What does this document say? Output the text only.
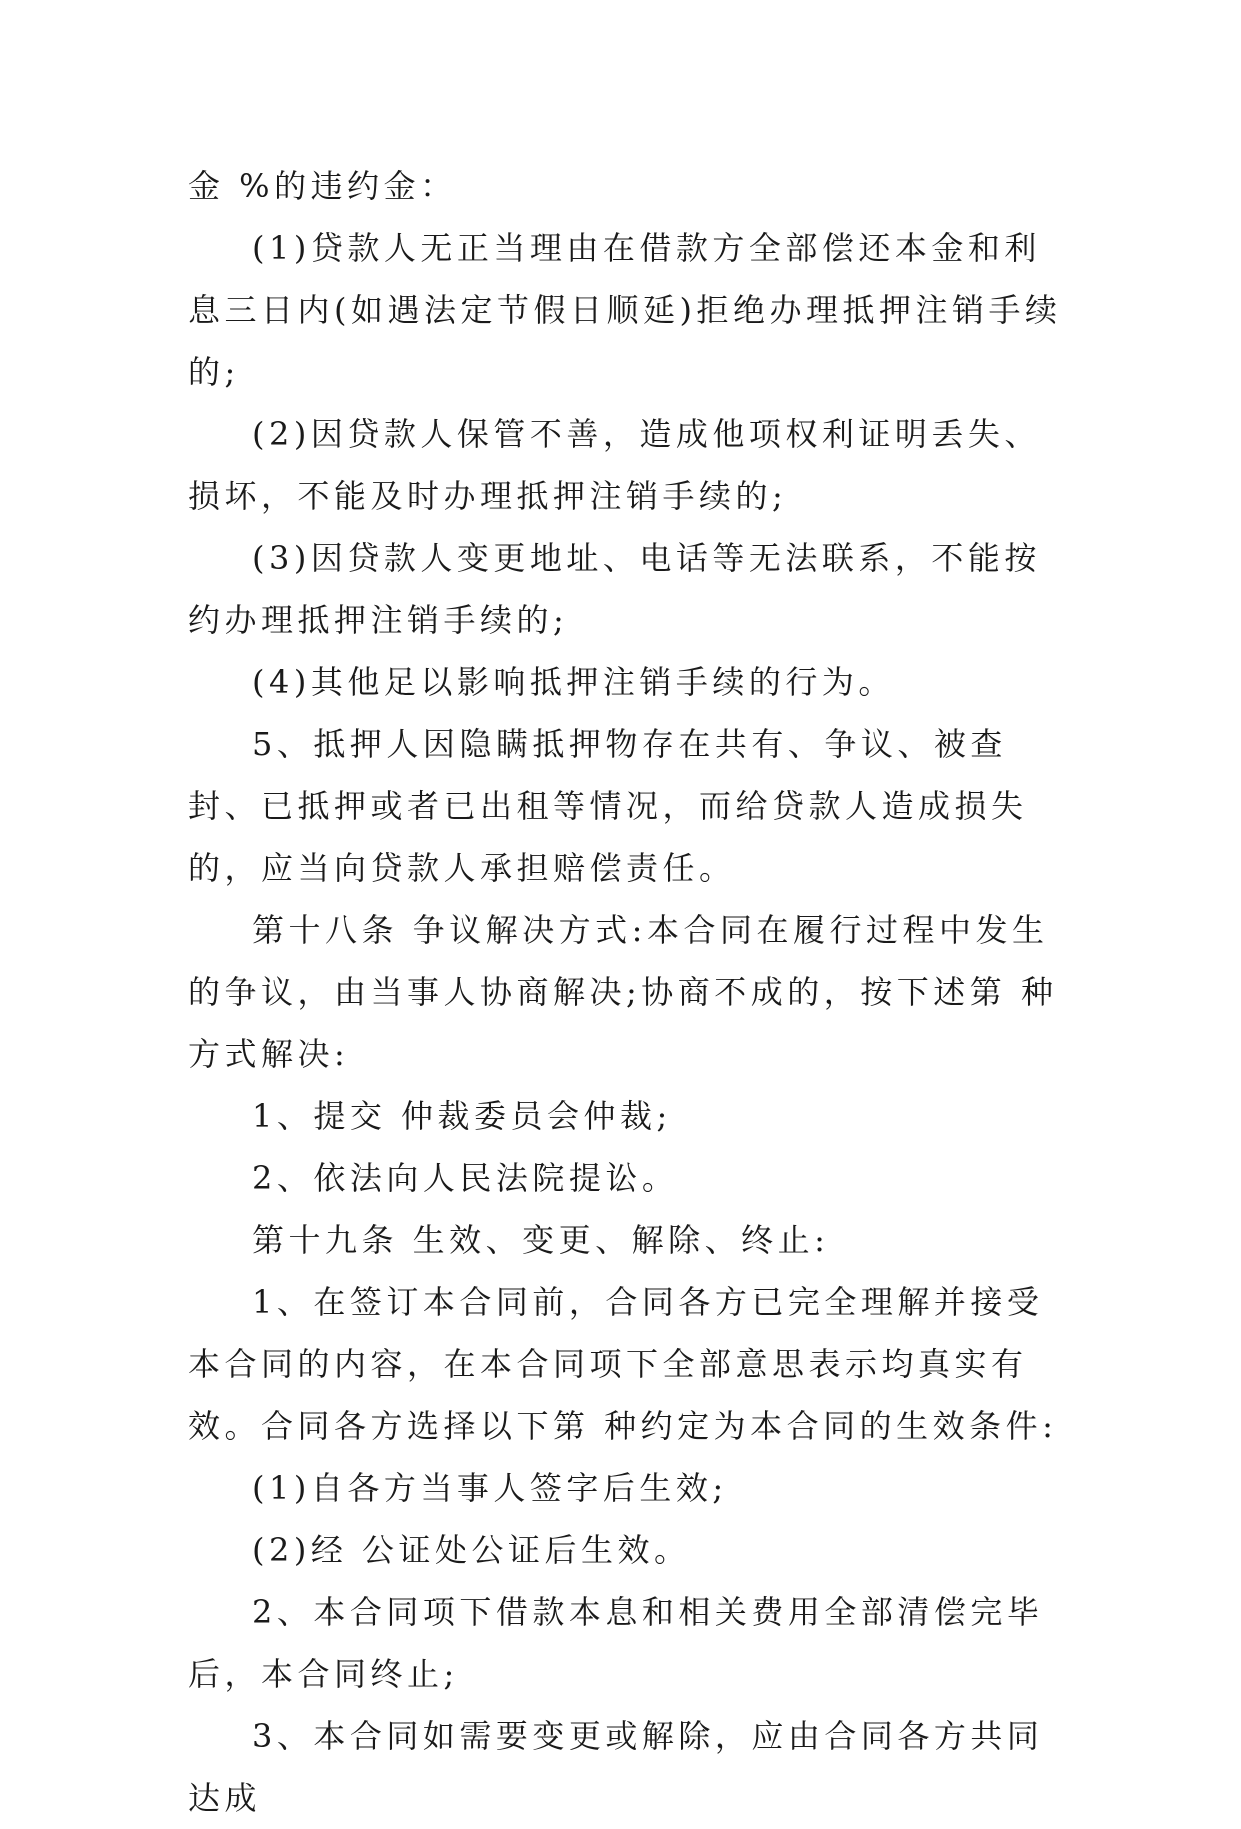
金 %的违约金：

(1)贷款人无正当理由在借款方全部偿还本金和利息三日内(如遇法定节假日顺延)拒绝办理抵押注销手续的;

(2)因贷款人保管不善，造成他项权利证明丢失、损坏，不能及时办理抵押注销手续的;

(3)因贷款人变更地址、电话等无法联系，不能按约办理抵押注销手续的;

(4)其他足以影响抵押注销手续的行为。

5、抵押人因隐瞒抵押物存在共有、争议、被查封、已抵押或者已出租等情况，而给贷款人造成损失的，应当向贷款人承担赔偿责任。

第十八条 争议解决方式:本合同在履行过程中发生的争议，由当事人协商解决;协商不成的，按下述第 种方式解决:

1、提交 仲裁委员会仲裁;

2、依法向人民法院提讼。

第十九条 生效、变更、解除、终止:

1、在签订本合同前，合同各方已完全理解并接受本合同的内容，在本合同项下全部意思表示均真实有效。合同各方选择以下第 种约定为本合同的生效条件:

(1)自各方当事人签字后生效;

(2)经 公证处公证后生效。

2、本合同项下借款本息和相关费用全部清偿完毕后，本合同终止;

3、本合同如需要变更或解除，应由合同各方共同达成
